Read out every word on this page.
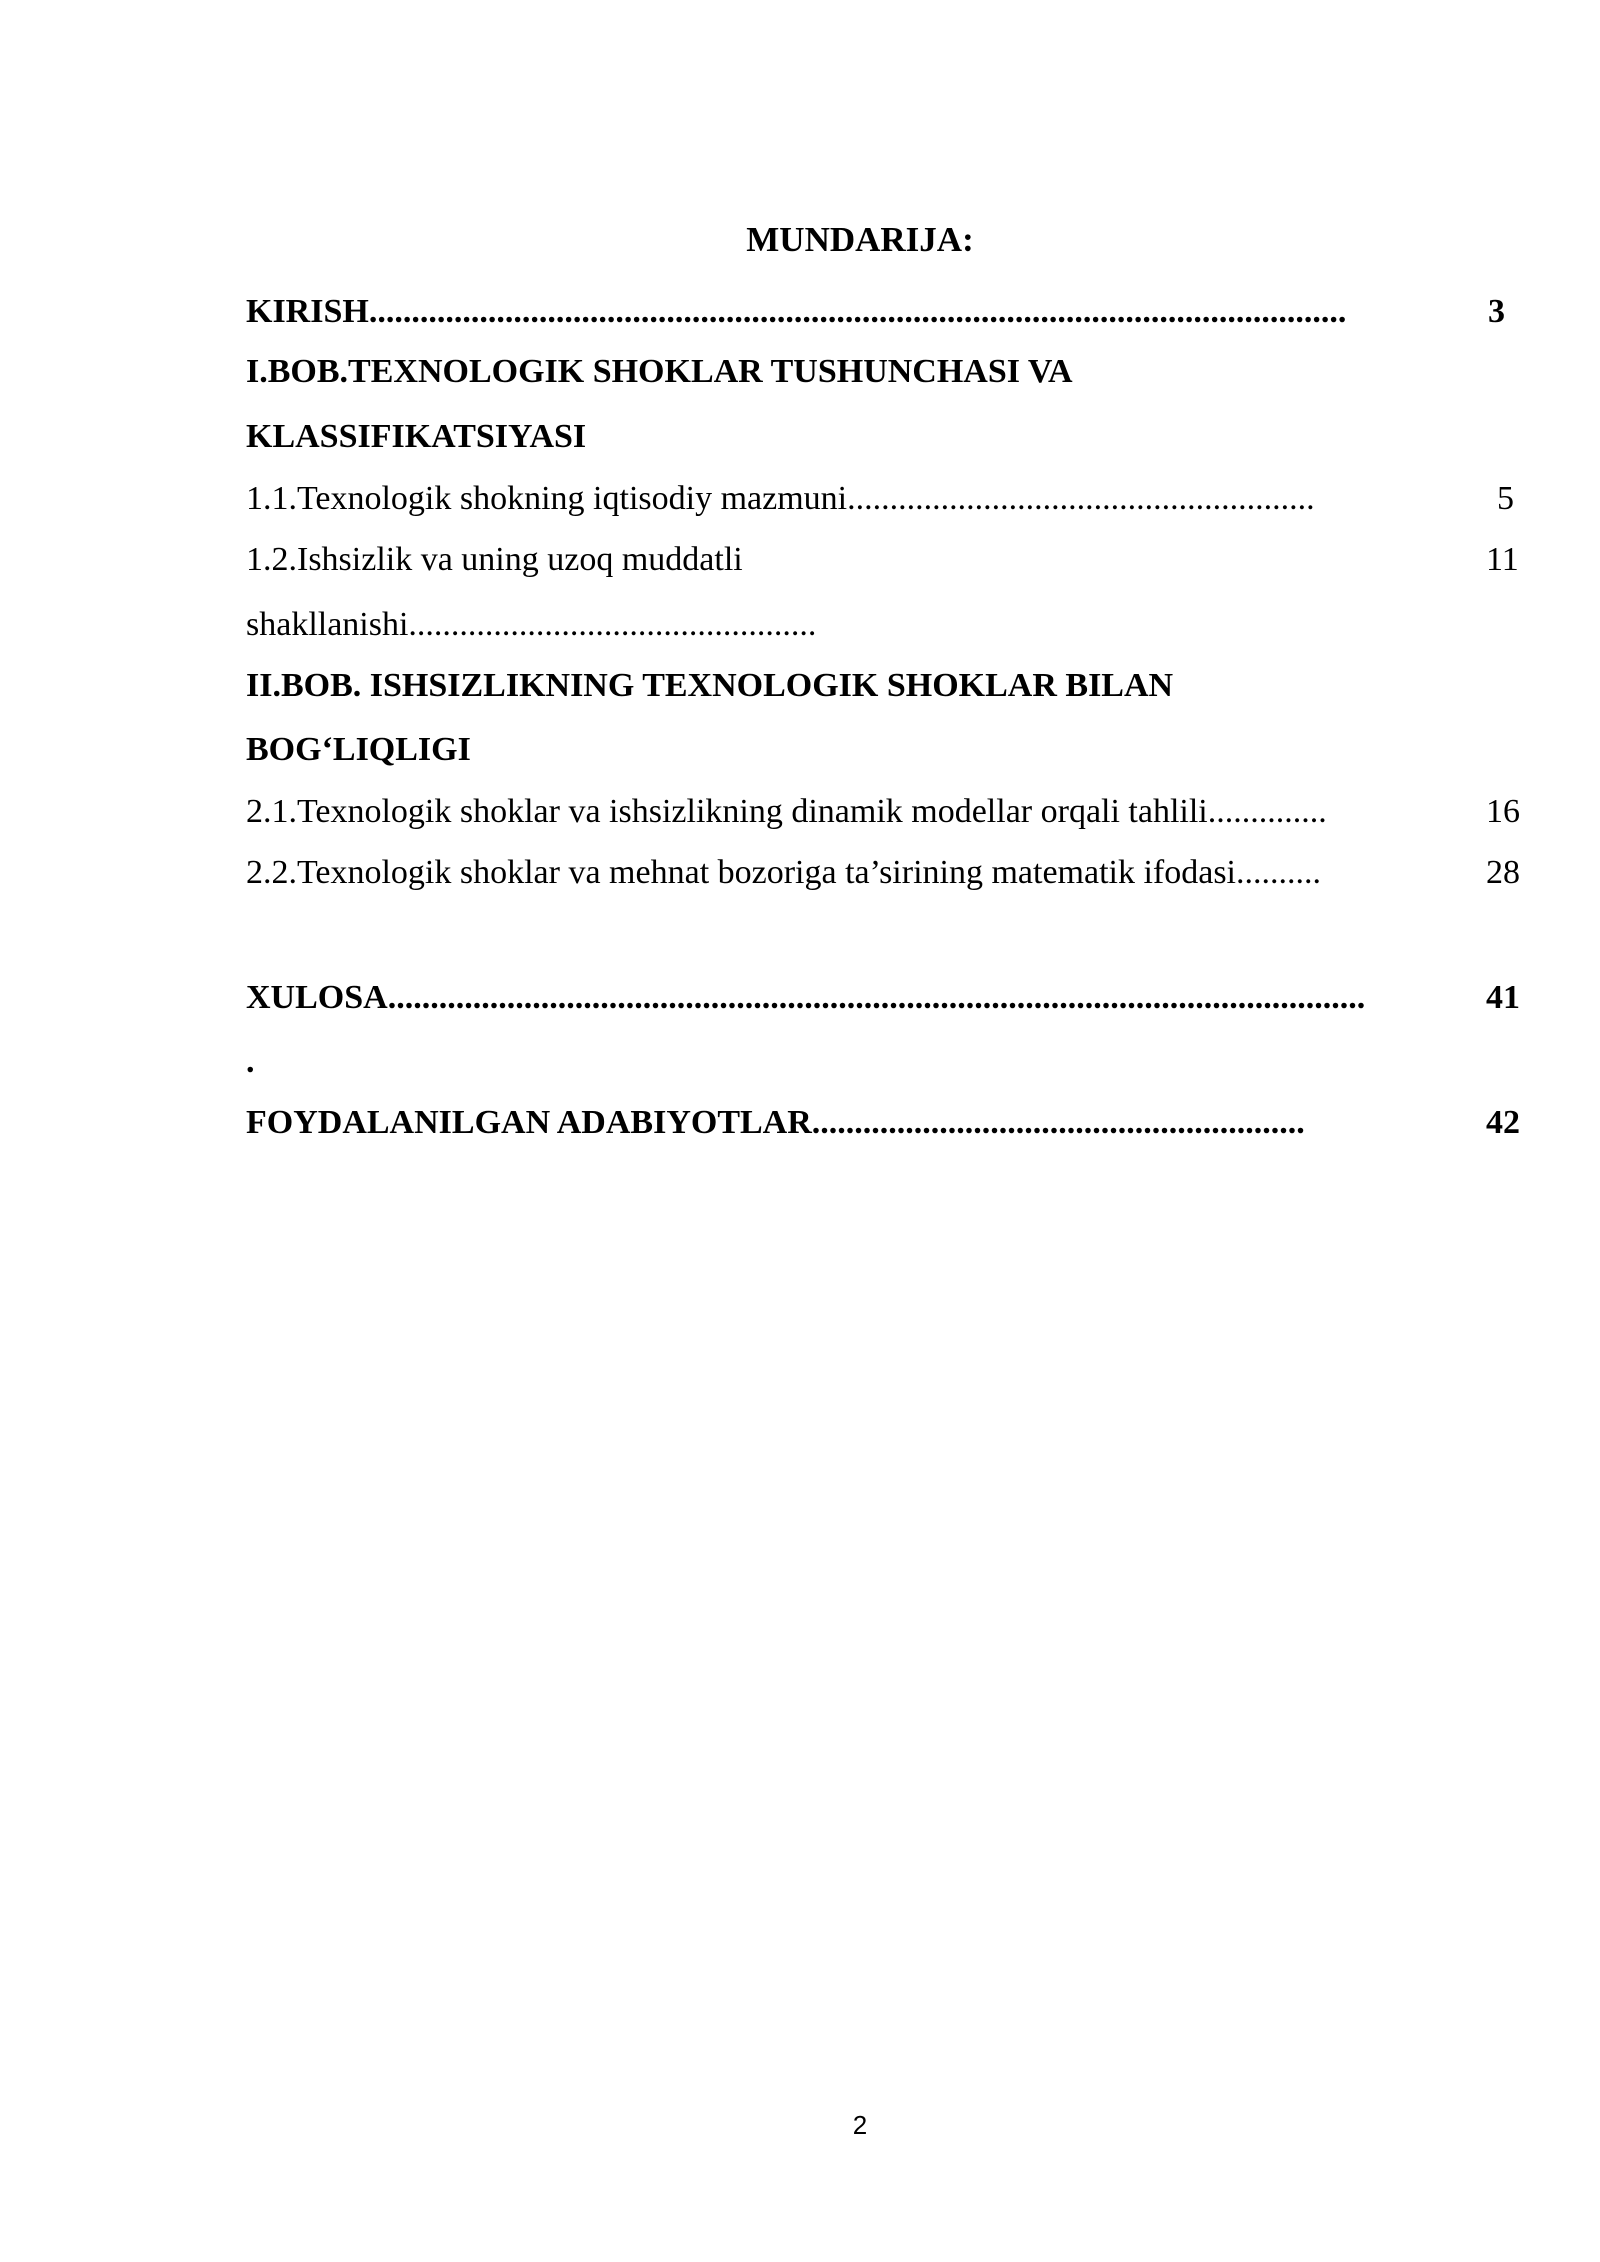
MUNDARIJA:
KIRISH...................................................................................................................	3
I.BOB.TEXNOLOGIK SHOKLAR TUSHUNCHASI VA
KLASSIFIKATSIYASI
1.1.Texnologik shokning iqtisodiy mazmuni.......................................................	5
1.2.Ishsizlik va uning uzoq muddatli	11
shakllanishi................................................
II.BOB. ISHSIZLIKNING TEXNOLOGIK SHOKLAR BILAN
BOG‘LIQLIGI
2.1.Texnologik shoklar va ishsizlikning dinamik modellar orqali tahlili..............	16
2.2.Texnologik shoklar va mehnat bozoriga ta’sirining matematik ifodasi..........	28
XULOSA...................................................................................................................	41
.
FOYDALANILGAN ADABIYOTLAR..........................................................	42
2
